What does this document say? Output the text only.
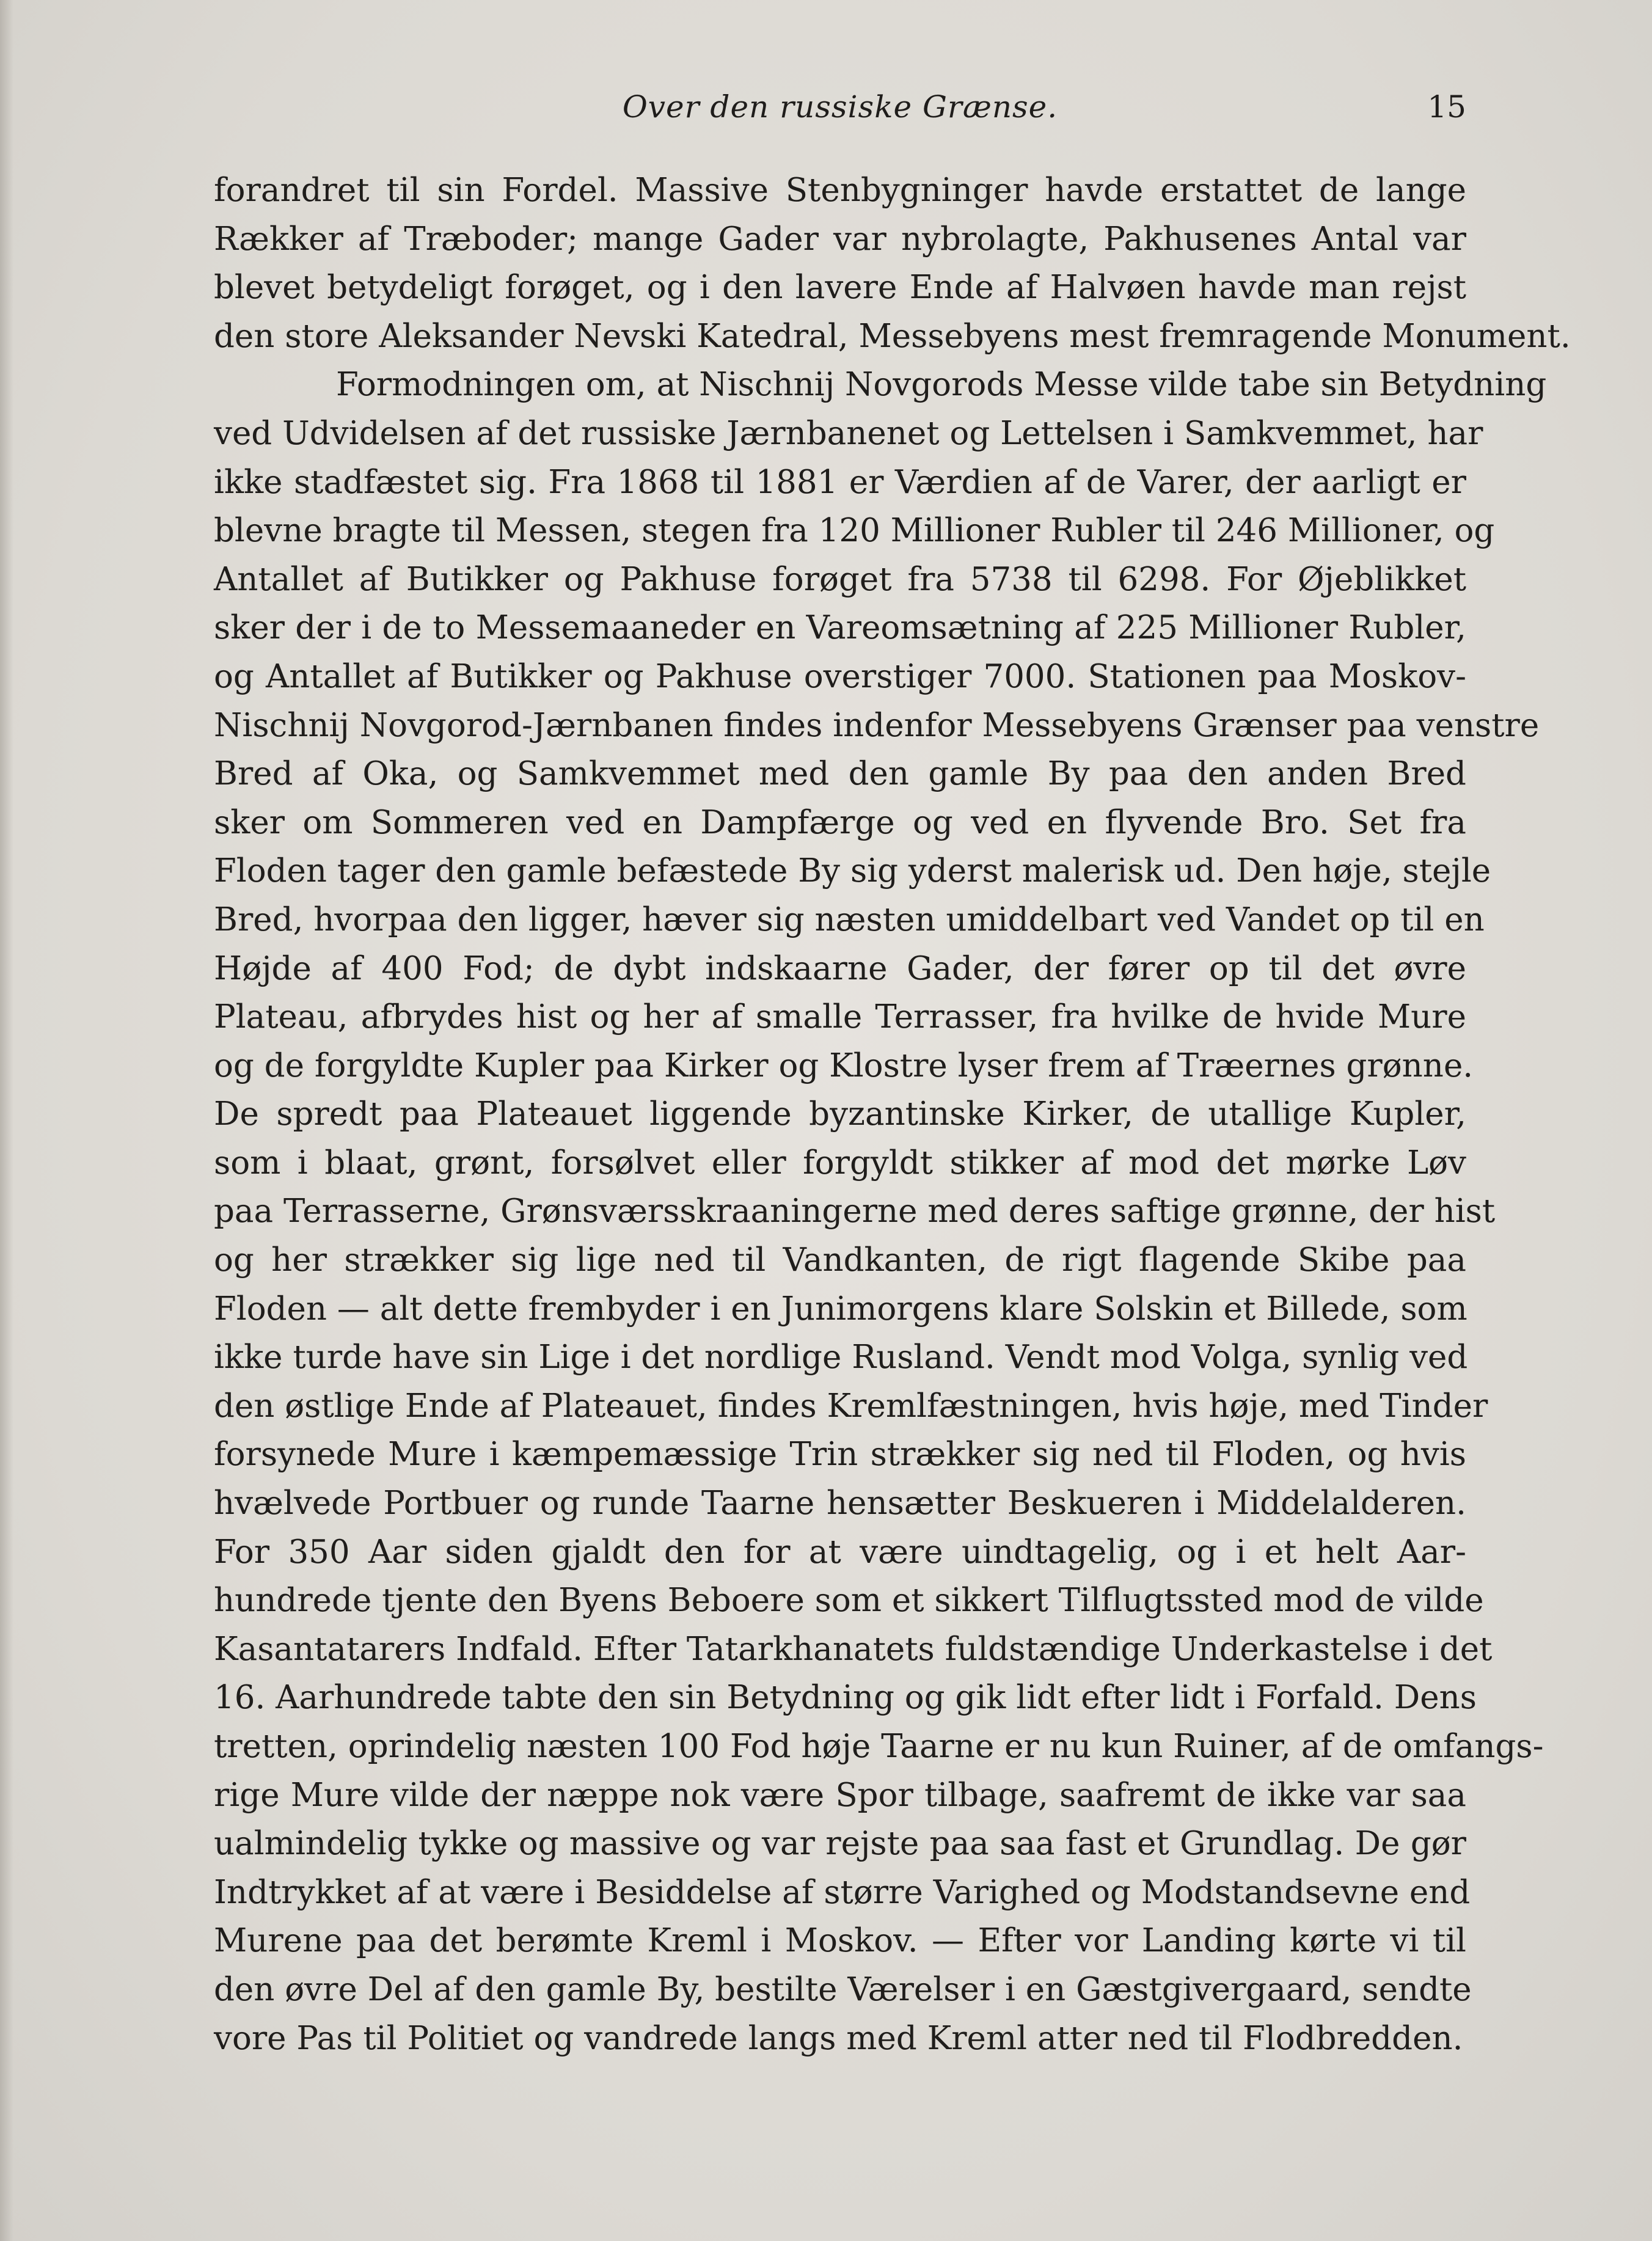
Over den russiske Grænse.	15
forandret til sin Fordel. Massive Stenbygninger havde erstattet de lange
Rækker af Træboder; mange Gader var nybrolagte, Pakhusenes Antal var
blevet betydeligt forøget, og i den lavere Ende af Halvøen havde man rejst
den store Aleksander Nevski Katedral, Messebyens mest fremragende Monument.
Formodningen om, at Nischnij Novgorods Messe vilde tabe sin Betydning
ved Udvidelsen af det russiske Jærnbanenet og Lettelsen i Samkvemmet, har
ikke stadfæstet sig. Fra 1868 til 1881 er Værdien af de Varer, der aarligt er
blevne bragte til Messen, stegen fra 120 Millioner Rubler til 246 Millioner, og
Antallet af Butikker og Pakhuse forøget fra 5738 til 6298. For Øjeblikket
sker der i de to Messemaaneder en Vareomsætning af 225 Millioner Rubler,
og Antallet af Butikker og Pakhuse overstiger 7000. Stationen paa Moskov-
Nischnij Novgorod-Jærnbanen findes indenfor Messebyens Grænser paa venstre
Bred af Oka, og Samkvemmet med den gamle By paa den anden Bred
sker om Sommeren ved en Dampfærge og ved en flyvende Bro. Set fra
Floden tager den gamle befæstede By sig yderst malerisk ud. Den høje, stejle
Bred, hvorpaa den ligger, hæver sig næsten umiddelbart ved Vandet op til en
Højde af 400 Fod; de dybt indskaarne Gader, der fører op til det øvre
Plateau, afbrydes hist og her af smalle Terrasser, fra hvilke de hvide Mure
og de forgyldte Kupler paa Kirker og Klostre lyser frem af Træernes grønne.
De spredt paa Plateauet liggende byzantinske Kirker, de utallige Kupler,
som i blaat, grønt, forsølvet eller forgyldt stikker af mod det mørke Løv
paa Terrasserne, Grønsværsskraaningerne med deres saftige grønne, der hist
og her strækker sig lige ned til Vandkanten, de rigt flagende Skibe paa
Floden — alt dette frembyder i en Junimorgens klare Solskin et Billede, som
ikke turde have sin Lige i det nordlige Rusland. Vendt mod Volga, synlig ved
den østlige Ende af Plateauet, findes Kremlfæstningen, hvis høje, med Tinder
forsynede Mure i kæmpemæssige Trin strækker sig ned til Floden, og hvis
hvælvede Portbuer og runde Taarne hensætter Beskueren i Middelalderen.
For 350 Aar siden gjaldt den for at være uindtagelig, og i et helt Aar-
hundrede tjente den Byens Beboere som et sikkert Tilflugtssted mod de vilde
Kasantatarers Indfald. Efter Tatarkhanatets fuldstændige Underkastelse i det
16. Aarhundrede tabte den sin Betydning og gik lidt efter lidt i Forfald. Dens
tretten, oprindelig næsten 100 Fod høje Taarne er nu kun Ruiner, af de omfangs-
rige Mure vilde der næppe nok være Spor tilbage, saafremt de ikke var saa
ualmindelig tykke og massive og var rejste paa saa fast et Grundlag. De gør
Indtrykket af at være i Besiddelse af større Varighed og Modstandsevne end
Murene paa det berømte Kreml i Moskov. — Efter vor Landing kørte vi til
den øvre Del af den gamle By, bestilte Værelser i en Gæstgivergaard, sendte
vore Pas til Politiet og vandrede langs med Kreml atter ned til Flodbredden.
